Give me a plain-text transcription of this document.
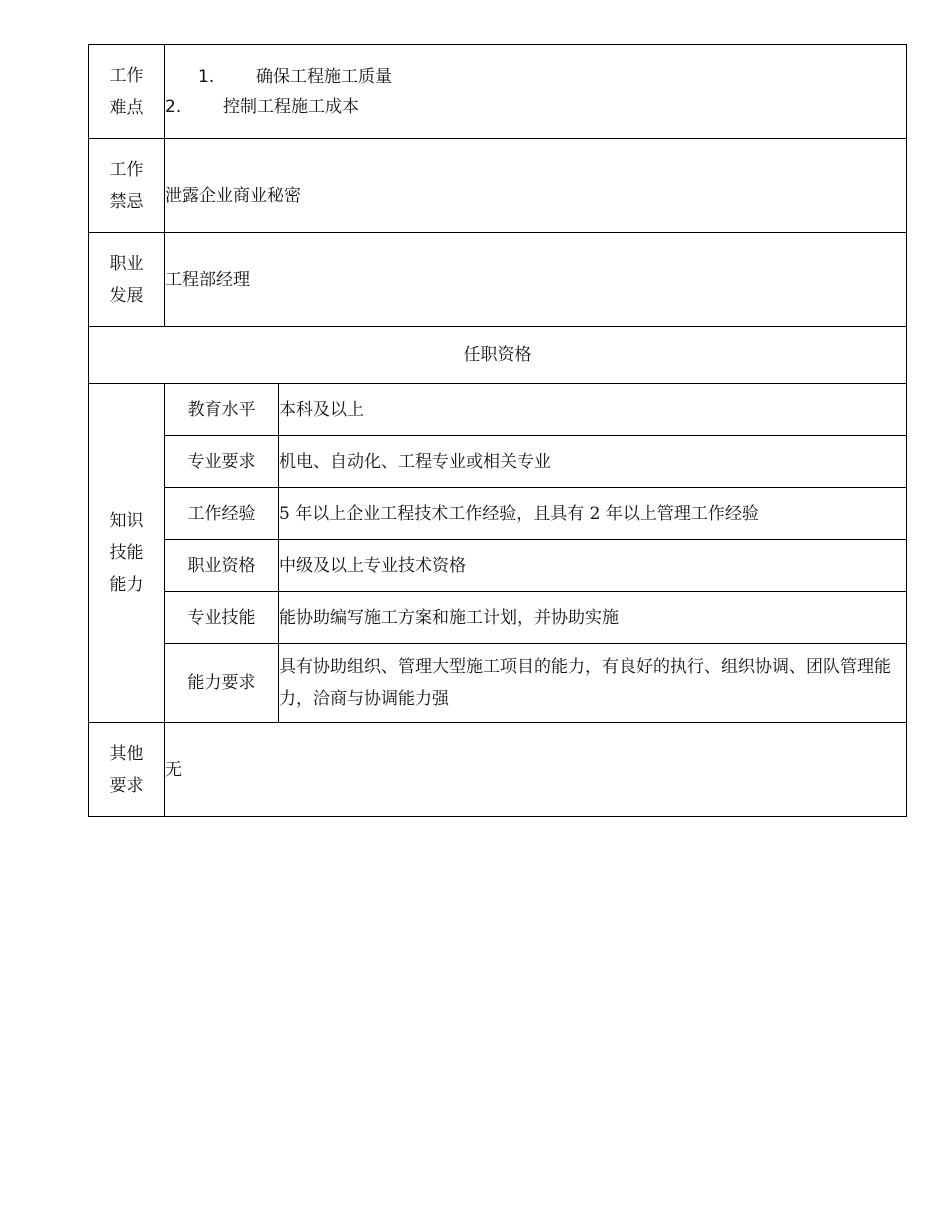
工作难点	1. 确保工程施工质量
2. 控制工程施工成本	

工作禁忌	泄露企业商业秘密	
职业发展	工程部经理	
任职资格		
知识技能能力	教育水平	本科及以上
	专业要求	机电、自动化、工程专业或相关专业
	工作经验	5 年以上企业工程技术工作经验，且具有 2 年以上管理工作经验
	职业资格	中级及以上专业技术资格
	专业技能	能协助编写施工方案和施工计划，并协助实施
	能力要求	具有协助组织、管理大型施工项目的能力，有良好的执行、组织协调、团队管理能力，洽商与协调能力强
其他要求	无	
